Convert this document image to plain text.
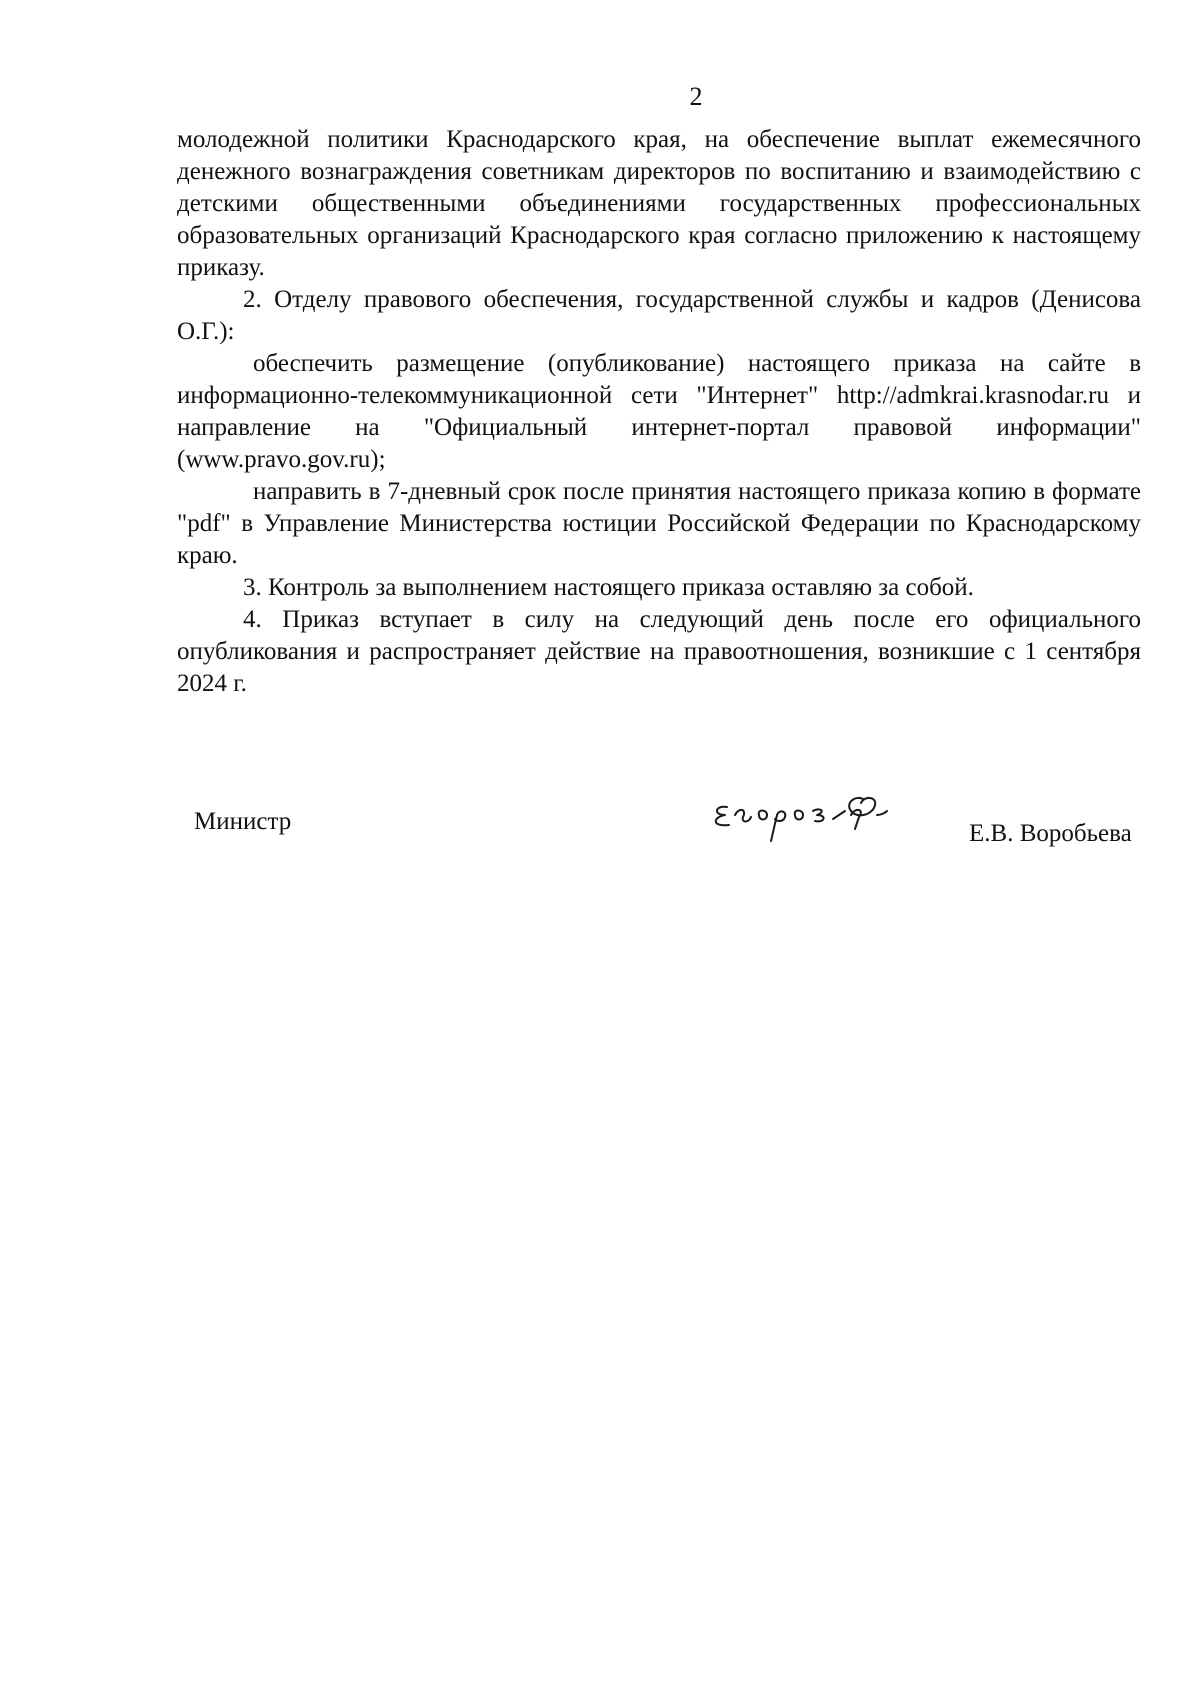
2

молодежной политики Краснодарского края, на обеспечение выплат ежемесячного денежного вознаграждения советникам директоров по воспитанию и взаимодействию с детскими общественными объединениями государственных профессиональных образовательных организаций Краснодарского края согласно приложению к настоящему приказу.

2. Отделу правового обеспечения, государственной службы и кадров (Денисова О.Г.):

обеспечить размещение (опубликование) настоящего приказа на сайте в информационно-телекоммуникационной сети "Интернет" http://admkrai.krasnodar.ru и направление на "Официальный интернет-портал правовой информации" (www.pravo.gov.ru);

направить в 7-дневный срок после принятия настоящего приказа копию в формате "pdf" в Управление Министерства юстиции Российской Федерации по Краснодарскому краю.

3. Контроль за выполнением настоящего приказа оставляю за собой.

4. Приказ вступает в силу на следующий день после его официального опубликования и распространяет действие на правоотношения, возникшие с 1 сентября 2024 г.

Министр	Е.В. Воробьева
